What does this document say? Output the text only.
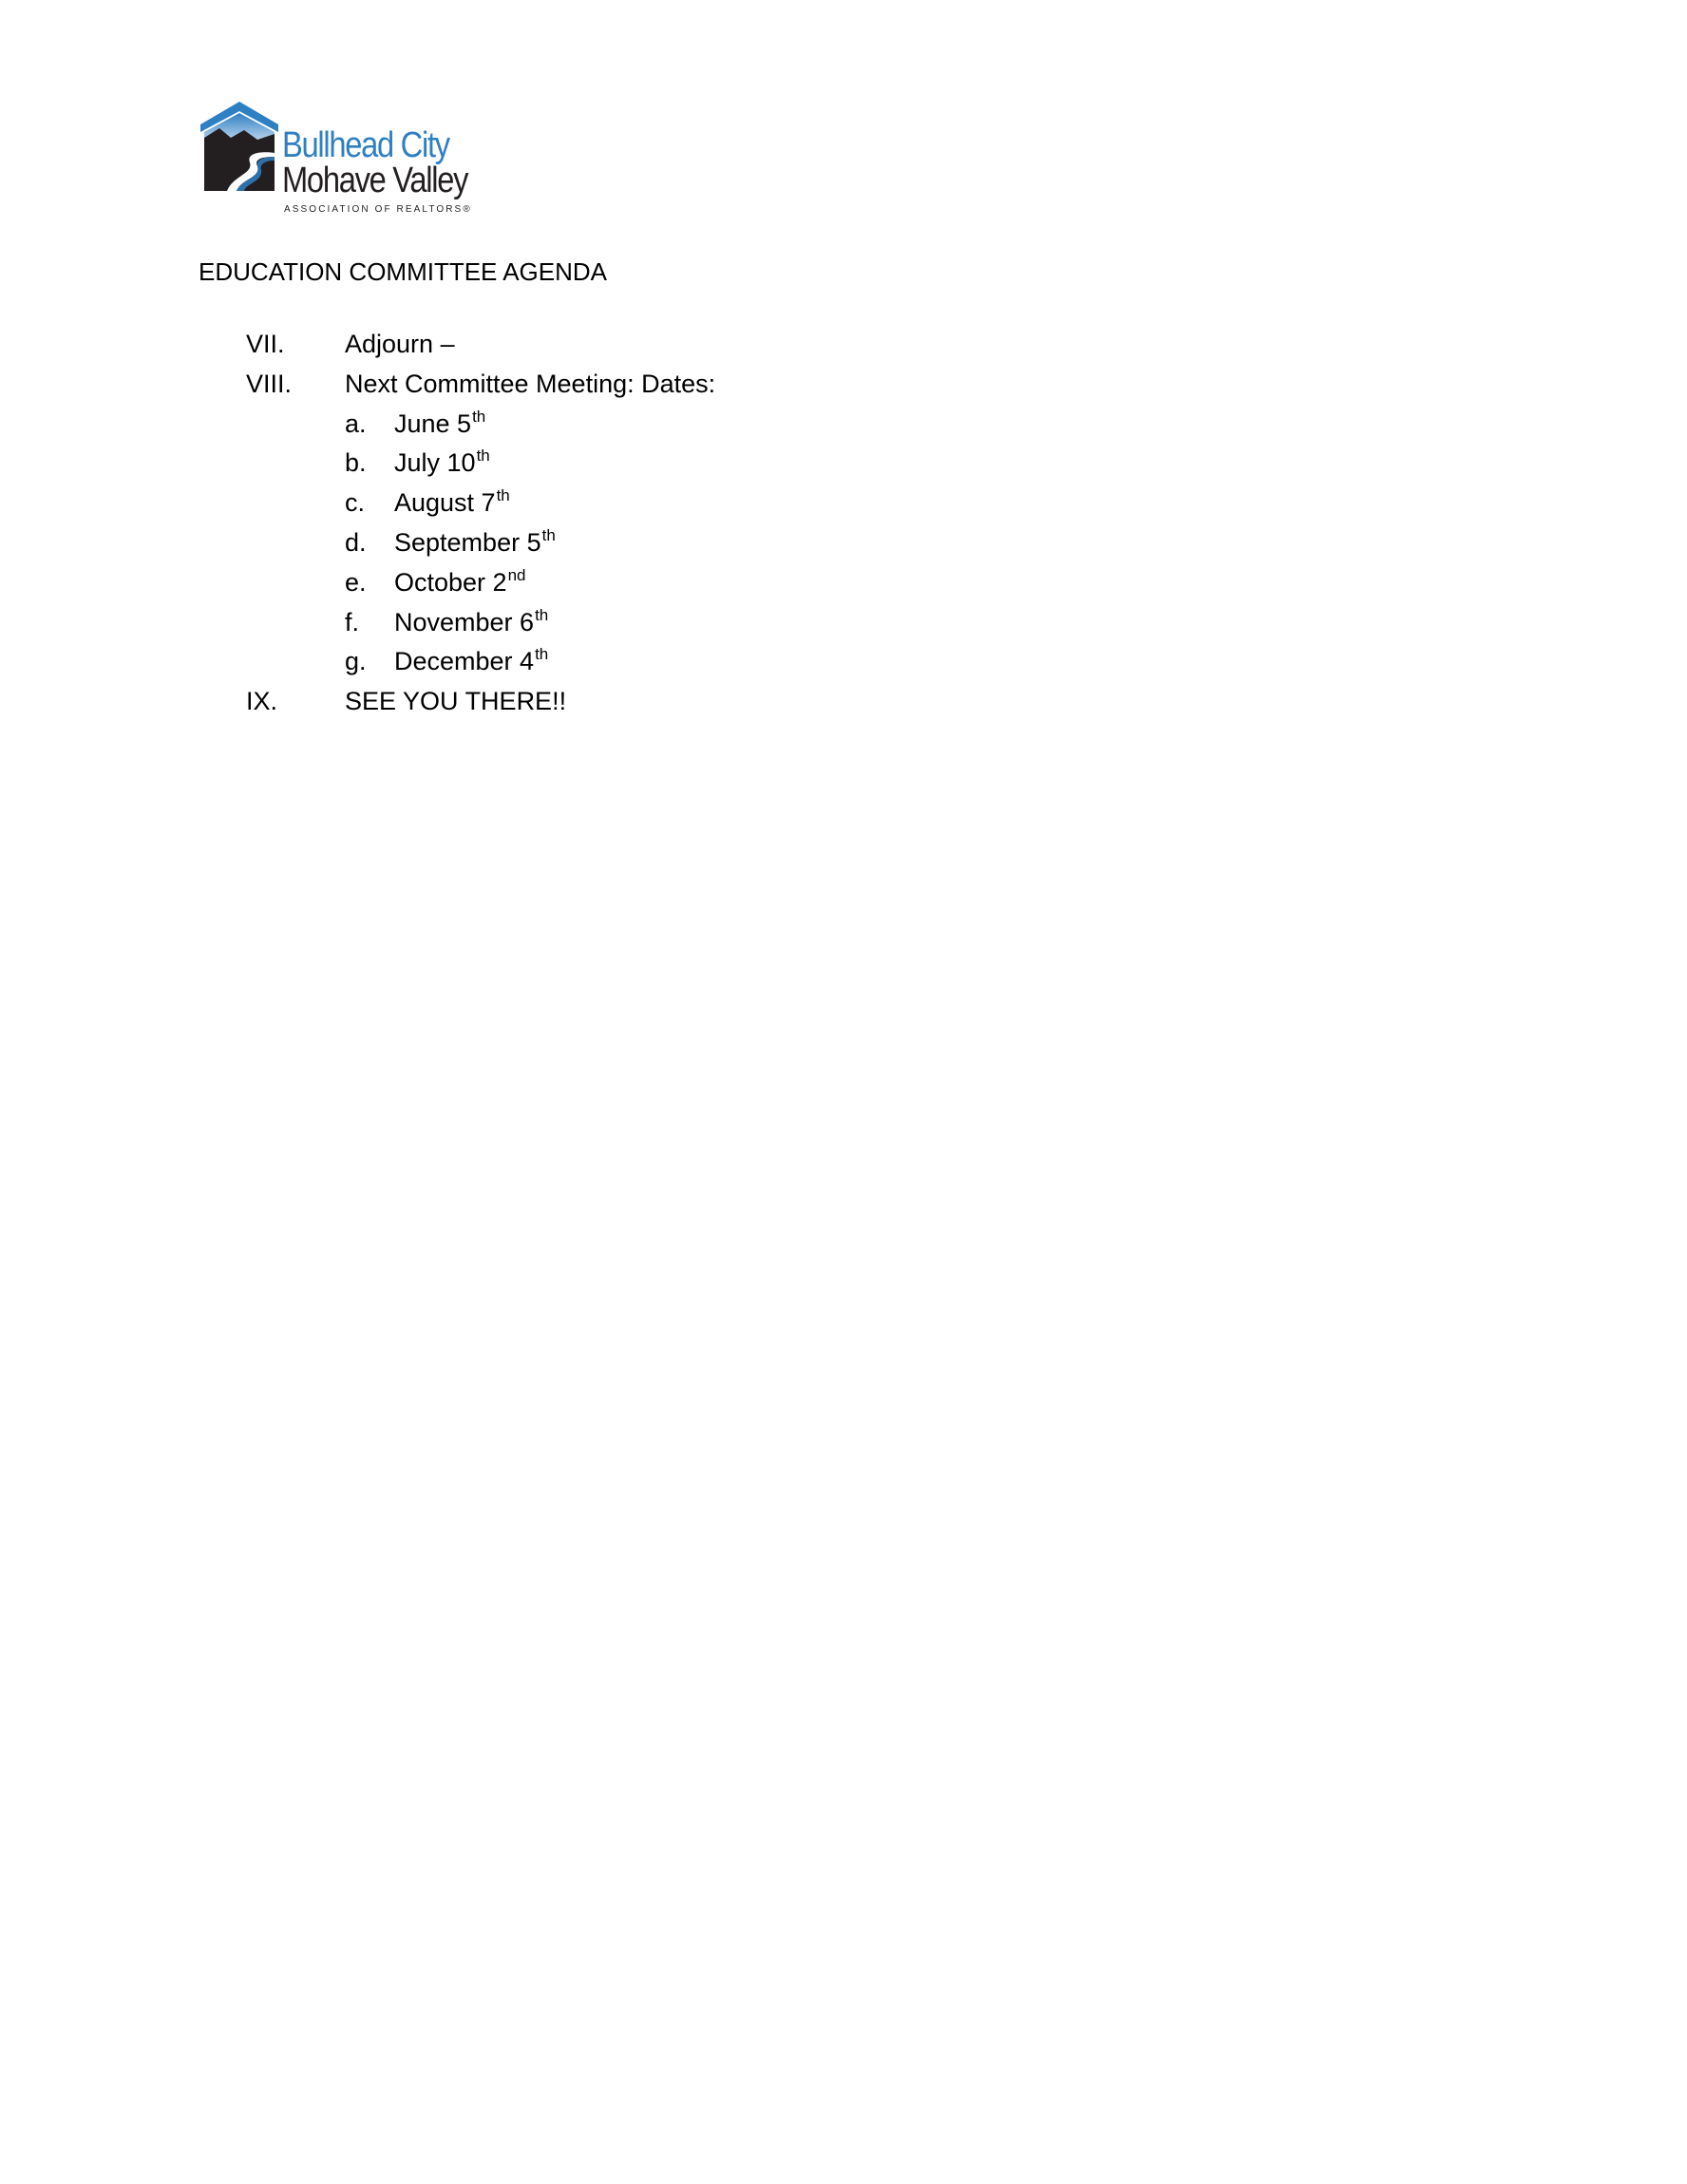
Bullhead City
Mohave Valley
ASSOCIATION OF REALTORS®
EDUCATION COMMITTEE AGENDA
VII. Adjourn –
VIII. Next Committee Meeting: Dates:
a. June 5th
b. July 10th
c. August 7th
d. September 5th
e. October 2nd
f. November 6th
g. December 4th
IX.	SEE YOU THERE!!
